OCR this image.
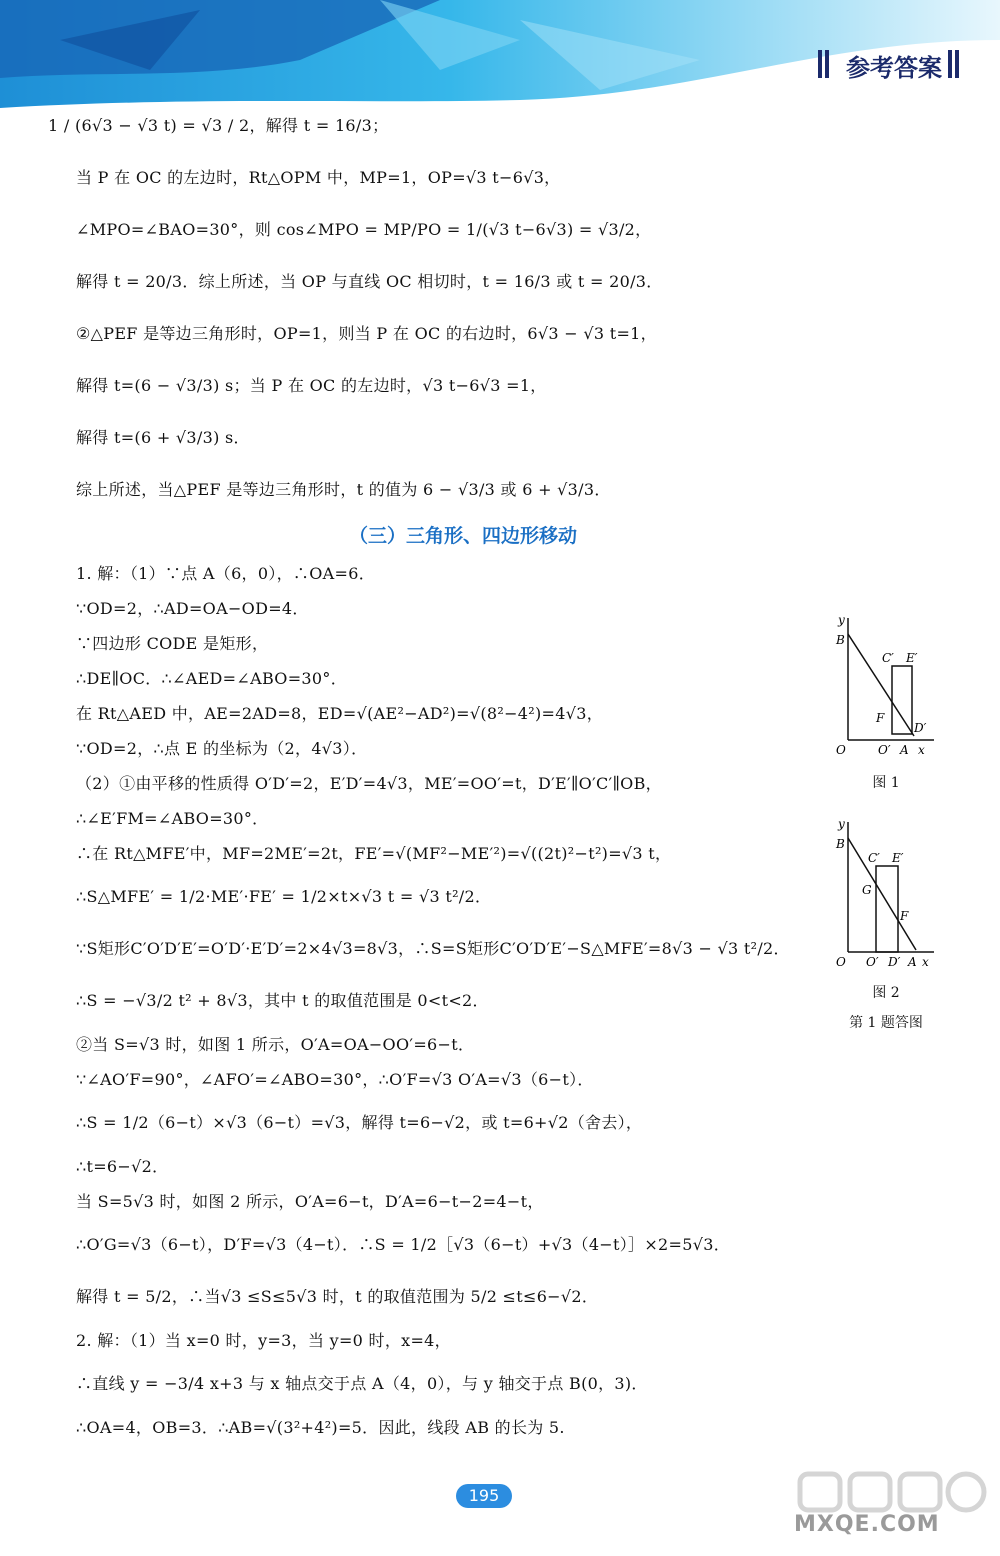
参考答案
1 / (6√3 − √3 t) = √3 / 2，解得 t = 16/3；
当 P 在 OC 的左边时，Rt△OPM 中，MP=1，OP=√3 t−6√3，
∠MPO=∠BAO=30°，则 cos∠MPO = MP/PO = 1/(√3 t−6√3) = √3/2，
解得 t = 20/3．综上所述，当 OP 与直线 OC 相切时，t = 16/3 或 t = 20/3．
②△PEF 是等边三角形时，OP=1，则当 P 在 OC 的右边时，6√3 − √3 t=1，
解得 t=(6 − √3/3) s；当 P 在 OC 的左边时，√3 t−6√3 =1，
解得 t=(6 + √3/3) s．
综上所述，当△PEF 是等边三角形时，t 的值为 6 − √3/3 或 6 + √3/3．
（三）三角形、四边形移动
1. 解：（1）∵点 A（6，0），∴OA=6．
∵OD=2，∴AD=OA−OD=4．
∵四边形 CODE 是矩形，
∴DE∥OC．∴∠AED=∠ABO=30°．
在 Rt△AED 中，AE=2AD=8，ED=√(AE²−AD²)=√(8²−4²)=4√3，
∵OD=2，∴点 E 的坐标为（2，4√3）．
（2）①由平移的性质得 O′D′=2，E′D′=4√3，ME′=OO′=t，D′E′∥O′C′∥OB，
∴∠E′FM=∠ABO=30°．
∴在 Rt△MFE′中，MF=2ME′=2t，FE′=√(MF²−ME′²)=√((2t)²−t²)=√3 t，
∴S△MFE′ = 1/2·ME′·FE′ = 1/2×t×√3 t = √3 t²/2．
∵S矩形C′O′D′E′=O′D′·E′D′=2×4√3=8√3，∴S=S矩形C′O′D′E′−S△MFE′=8√3 − √3 t²/2．
∴S = −√3/2 t² + 8√3，其中 t 的取值范围是 0<t<2．
②当 S=√3 时，如图 1 所示，O′A=OA−OO′=6−t．
∵∠AO′F=90°，∠AFO′=∠ABO=30°，∴O′F=√3 O′A=√3（6−t）．
∴S = 1/2（6−t）×√3（6−t）=√3，解得 t=6−√2，或 t=6+√2（舍去），
∴t=6−√2．
当 S=5√3 时，如图 2 所示，O′A=6−t，D′A=6−t−2=4−t，
∴O′G=√3（6−t），D′F=√3（4−t）．∴S = 1/2［√3（6−t）+√3（4−t）］×2=5√3．
解得 t = 5/2，∴当√3 ≤S≤5√3 时，t 的取值范围为 5/2 ≤t≤6−√2．
2. 解：（1）当 x=0 时，y=3，当 y=0 时，x=4，
∴直线 y = −3/4 x+3 与 x 轴点交于点 A（4，0），与 y 轴交于点 B(0，3)．
∴OA=4，OB=3．∴AB=√(3²+4²)=5．因此，线段 AB 的长为 5.
y
B
C′ E′
F
D′
O	O′ A x
图 1
y
B
C′ E′
G
F
O O′ D′ A x
图 2
第 1 题答图
195
MXQE.COM
